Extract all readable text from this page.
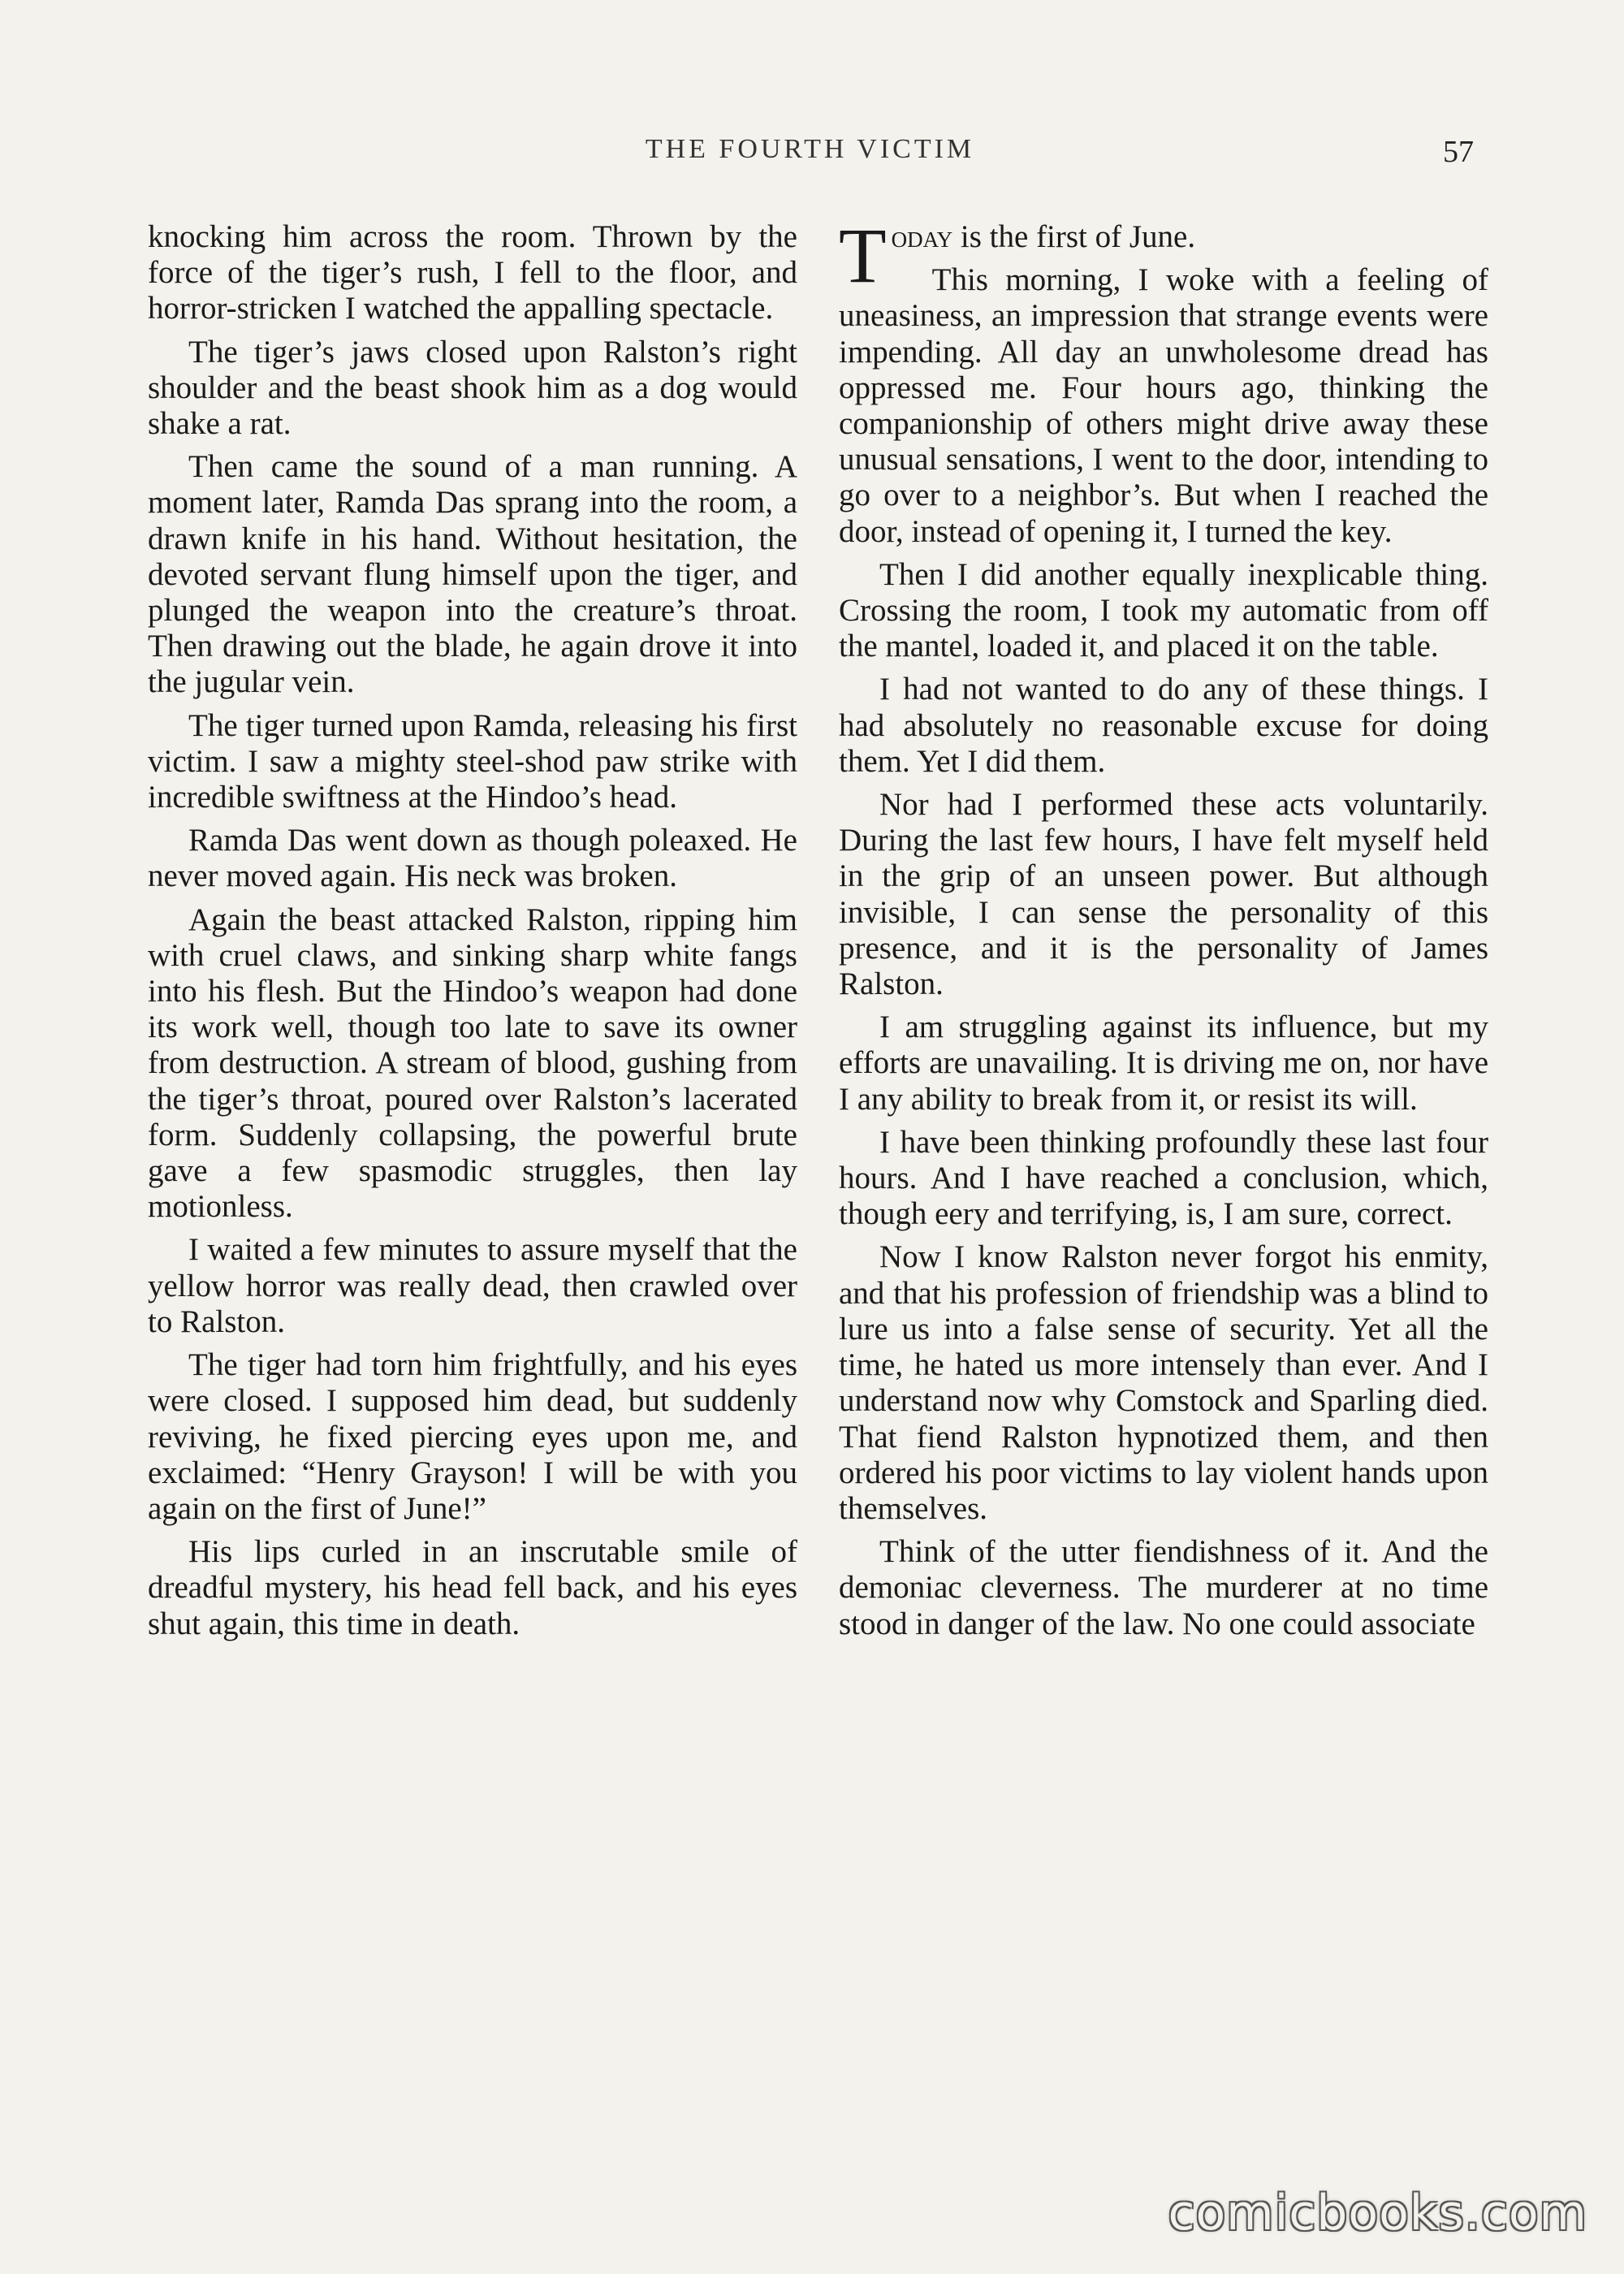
THE FOURTH VICTIM	57

knocking him across the room. Thrown by the force of the tiger’s rush, I fell to the floor, and horror-stricken I watched the appalling spectacle.

The tiger’s jaws closed upon Ralston’s right shoulder and the beast shook him as a dog would shake a rat.

Then came the sound of a man running. A moment later, Ramda Das sprang into the room, a drawn knife in his hand. Without hesitation, the devoted servant flung himself upon the tiger, and plunged the weapon into the creature’s throat. Then drawing out the blade, he again drove it into the jugular vein.

The tiger turned upon Ramda, releasing his first victim. I saw a mighty steel-shod paw strike with incredible swiftness at the Hindoo’s head.

Ramda Das went down as though poleaxed. He never moved again. His neck was broken.

Again the beast attacked Ralston, ripping him with cruel claws, and sinking sharp white fangs into his flesh. But the Hindoo’s weapon had done its work well, though too late to save its owner from destruction. A stream of blood, gushing from the tiger’s throat, poured over Ralston’s lacerated form. Suddenly collapsing, the powerful brute gave a few spasmodic struggles, then lay motionless.

I waited a few minutes to assure myself that the yellow horror was really dead, then crawled over to Ralston.

The tiger had torn him frightfully, and his eyes were closed. I supposed him dead, but suddenly reviving, he fixed piercing eyes upon me, and exclaimed: “Henry Grayson! I will be with you again on the first of June!”

His lips curled in an inscrutable smile of dreadful mystery, his head fell back, and his eyes shut again, this time in death.

Today is the first of June.

This morning, I woke with a feeling of uneasiness, an impression that strange events were impending. All day an unwholesome dread has oppressed me. Four hours ago, thinking the companionship of others might drive away these unusual sensations, I went to the door, intending to go over to a neighbor’s. But when I reached the door, instead of opening it, I turned the key.

Then I did another equally inexplicable thing. Crossing the room, I took my automatic from off the mantel, loaded it, and placed it on the table.

I had not wanted to do any of these things. I had absolutely no reasonable excuse for doing them. Yet I did them.

Nor had I performed these acts voluntarily. During the last few hours, I have felt myself held in the grip of an unseen power. But although invisible, I can sense the personality of this presence, and it is the personality of James Ralston.

I am struggling against its influence, but my efforts are unavailing. It is driving me on, nor have I any ability to break from it, or resist its will.

I have been thinking profoundly these last four hours. And I have reached a conclusion, which, though eery and terrifying, is, I am sure, correct.

Now I know Ralston never forgot his enmity, and that his profession of friendship was a blind to lure us into a false sense of security. Yet all the time, he hated us more intensely than ever. And I understand now why Comstock and Sparling died. That fiend Ralston hypnotized them, and then ordered his poor victims to lay violent hands upon themselves.

Think of the utter fiendishness of it. And the demoniac cleverness. The murderer at no time stood in danger of the law. No one could associate

comicbooks.com
